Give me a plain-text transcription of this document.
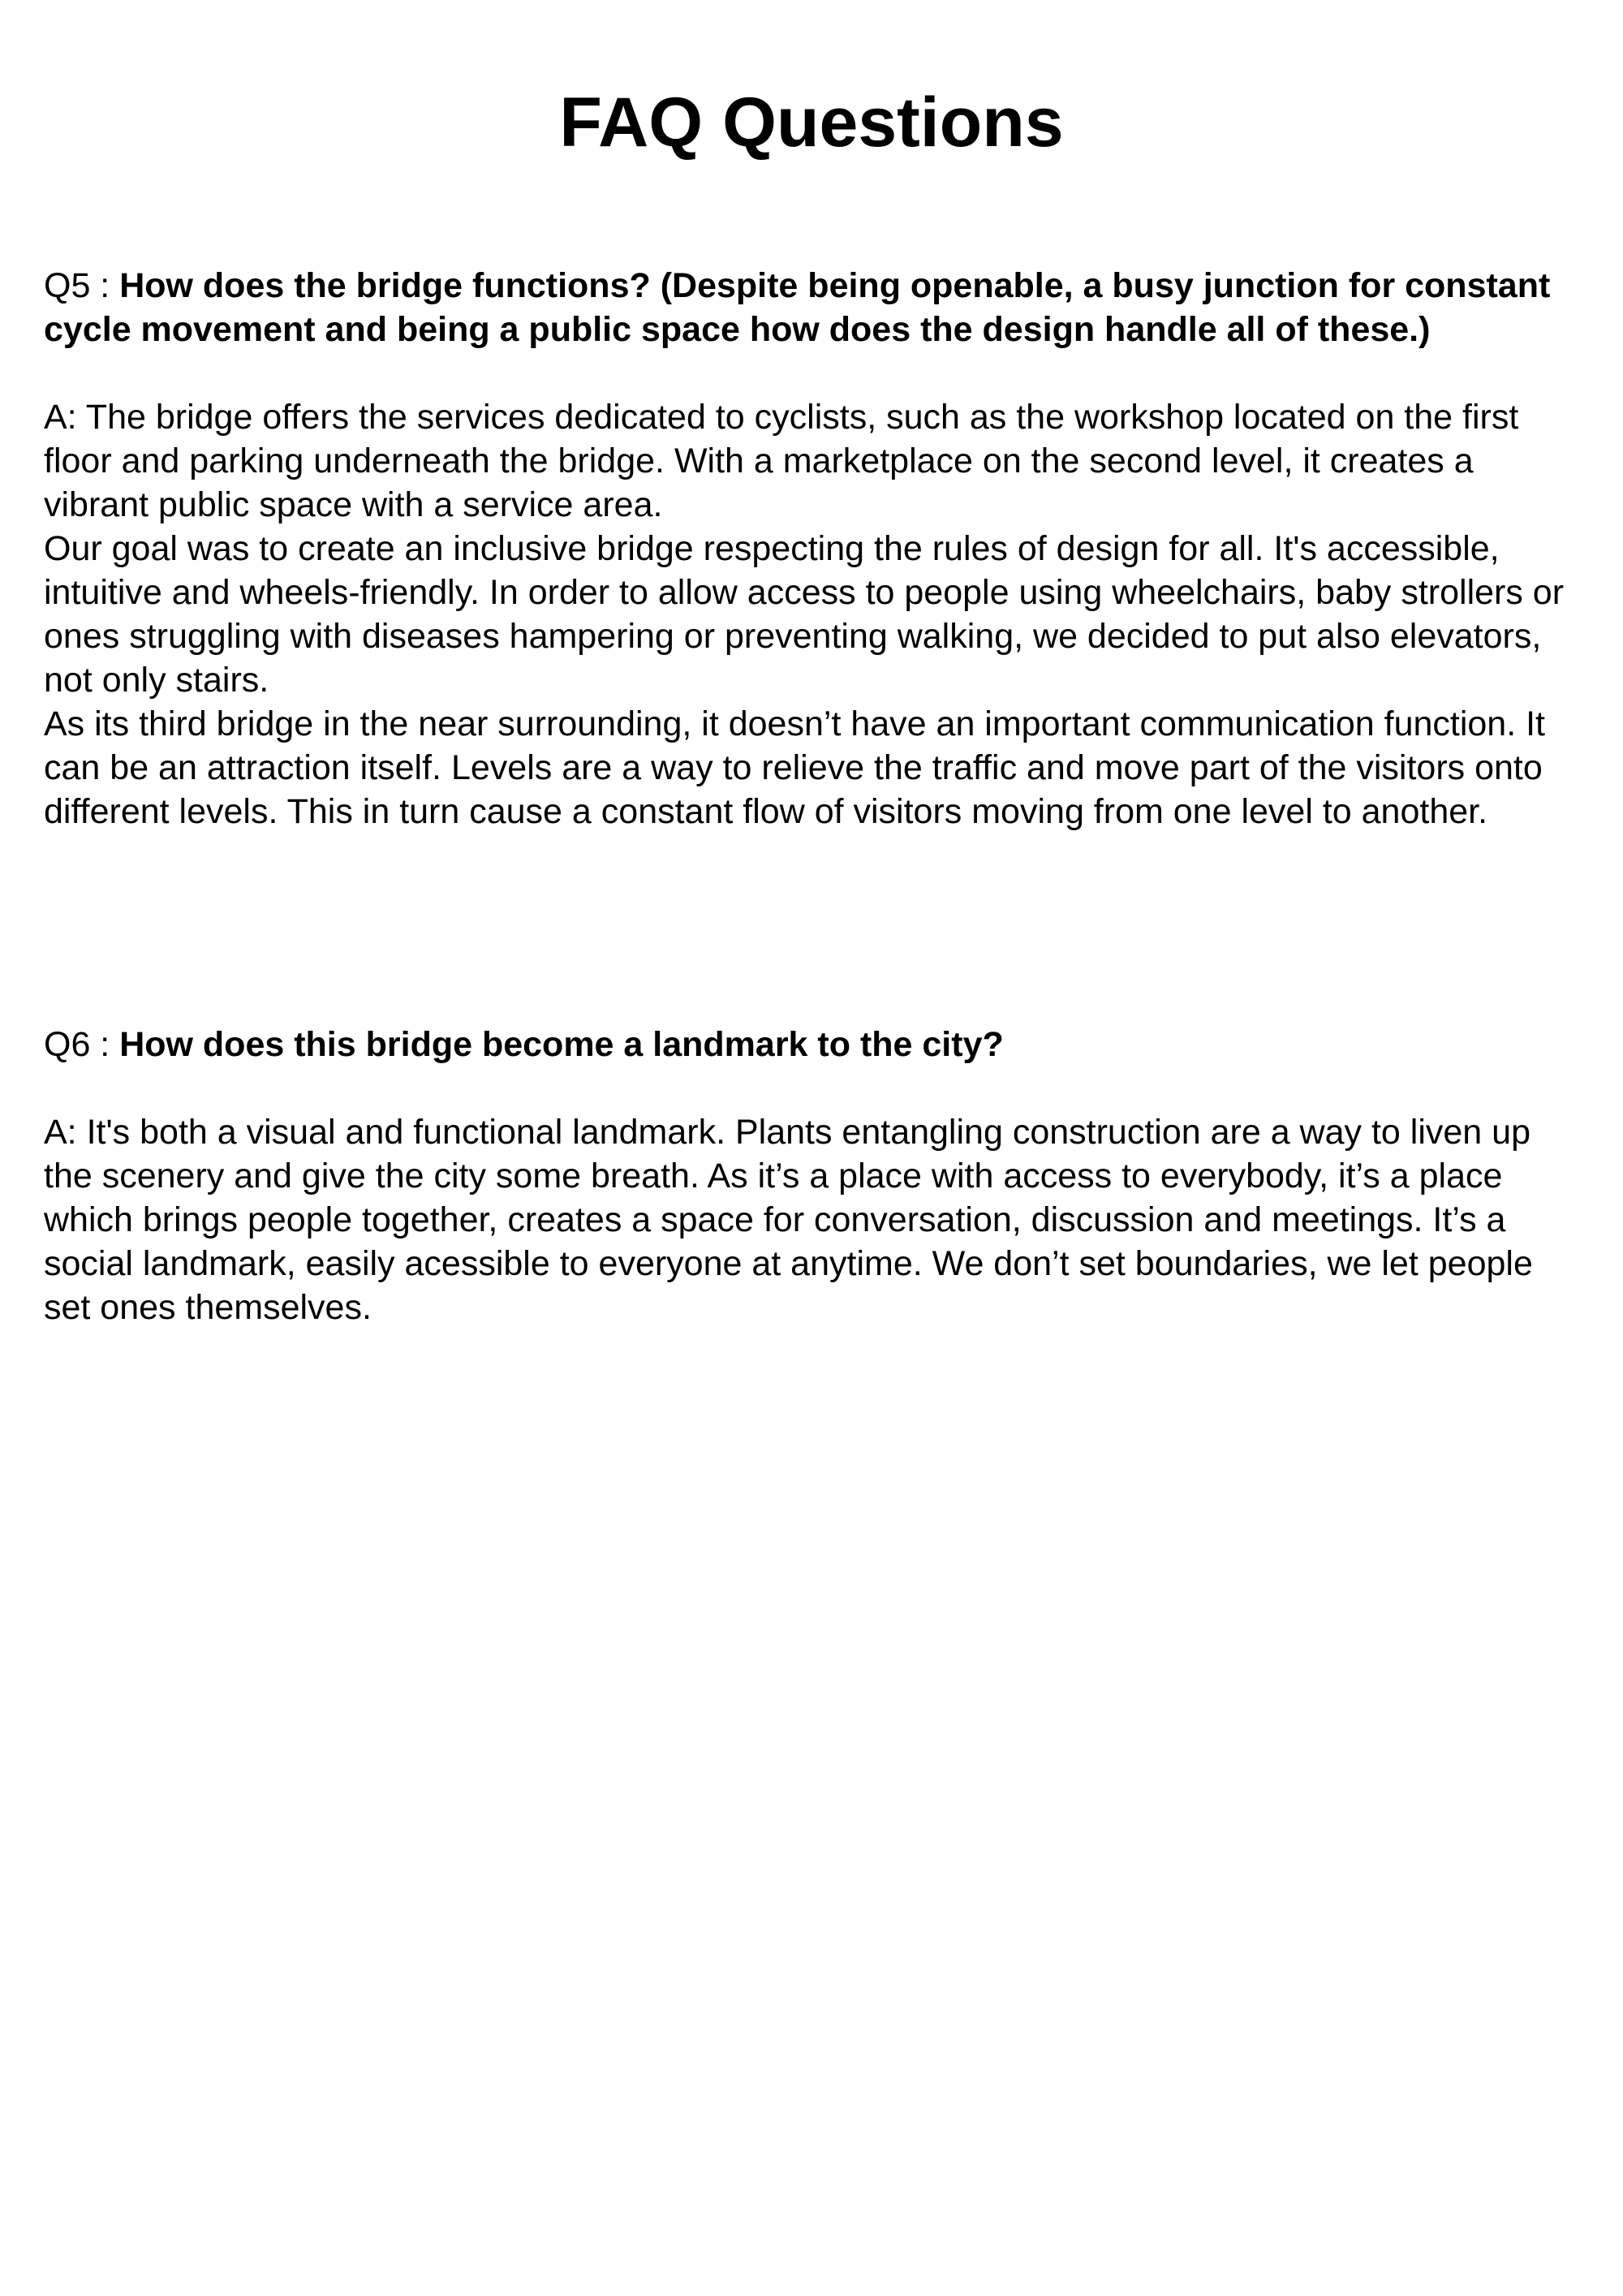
FAQ Questions

Q5 : How does the bridge functions? (Despite being openable, a busy junction for constant cycle movement and being a public space how does the design handle all of these.)

A: The bridge offers the services dedicated to cyclists, such as the workshop located on the first floor and parking underneath the bridge. With a marketplace on the second level, it creates a vibrant public space with a service area.

Our goal was to create an inclusive bridge respecting the rules of design for all. It's accessible, intuitive and wheels-friendly. In order to allow access to people using wheelchairs, baby strollers or ones struggling with diseases hampering or preventing walking, we decided to put also elevators, not only stairs.

As its third bridge in the near surrounding, it doesn’t have an important communication function. It can be an attraction itself. Levels are a way to relieve the traffic and move part of the visitors onto different levels. This in turn cause a constant flow of visitors moving from one level to another.

Q6 : How does this bridge become a landmark to the city?

A: It's both a visual and functional landmark. Plants entangling construction are a way to liven up the scenery and give the city some breath. As it’s a place with access to everybody, it’s a place which brings people together, creates a space for conversation, discussion and meetings. It’s a social landmark, easily acessible to everyone at anytime. We don’t set boundaries, we let people set ones themselves.
